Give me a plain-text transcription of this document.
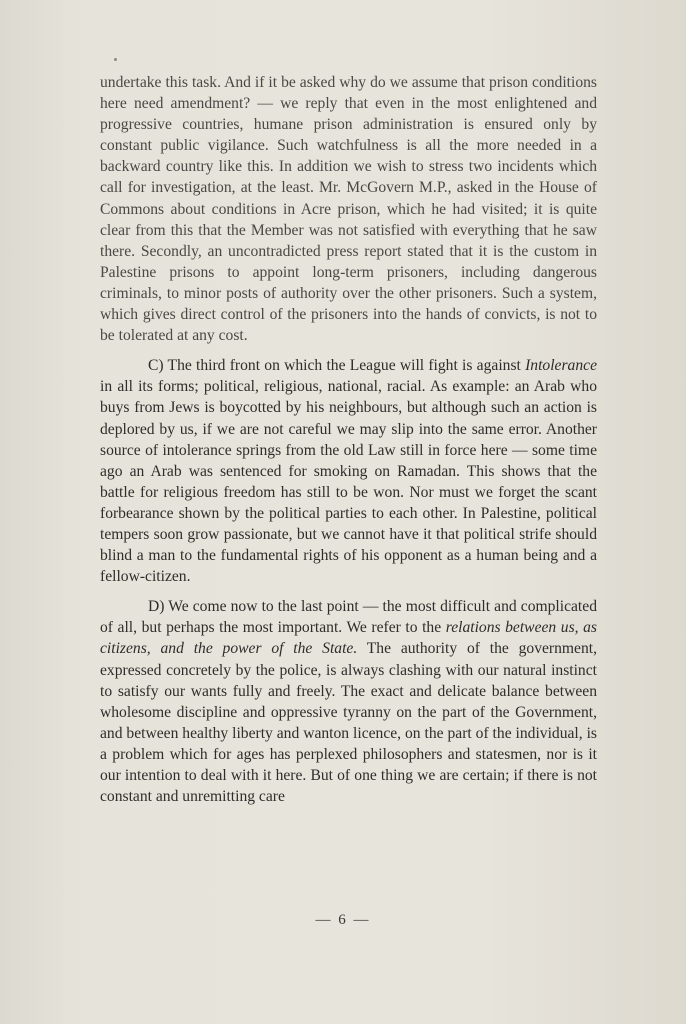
undertake this task. And if it be asked why do we assume that prison conditions here need amendment? — we reply that even in the most enlightened and progressive countries, humane prison administration is ensured only by constant public vigilance. Such watchfulness is all the more needed in a backward country like this. In addition we wish to stress two incidents which call for investigation, at the least. Mr. McGovern M.P., asked in the House of Commons about conditions in Acre prison, which he had visited; it is quite clear from this that the Member was not satisfied with everything that he saw there. Secondly, an uncontradicted press report stated that it is the custom in Palestine prisons to appoint long-term prisoners, including dangerous criminals, to minor posts of authority over the other prisoners. Such a system, which gives direct control of the prisoners into the hands of convicts, is not to be tolerated at any cost.

C) The third front on which the League will fight is against Intolerance in all its forms; political, religious, national, racial. As example: an Arab who buys from Jews is boycotted by his neighbours, but although such an action is deplored by us, if we are not careful we may slip into the same error. Another source of intolerance springs from the old Law still in force here — some time ago an Arab was sentenced for smoking on Ramadan. This shows that the battle for religious freedom has still to be won. Nor must we forget the scant forbearance shown by the political parties to each other. In Palestine, political tempers soon grow passionate, but we cannot have it that political strife should blind a man to the fundamental rights of his opponent as a human being and a fellow-citizen.

D) We come now to the last point — the most difficult and complicated of all, but perhaps the most important. We refer to the relations between us, as citizens, and the power of the State. The authority of the government, expressed concretely by the police, is always clashing with our natural instinct to satisfy our wants fully and freely. The exact and delicate balance between wholesome discipline and oppressive tyranny on the part of the Government, and between healthy liberty and wanton licence, on the part of the individual, is a problem which for ages has perplexed philosophers and statesmen, nor is it our intention to deal with it here. But of one thing we are certain; if there is not constant and unremitting care

— 6 —
